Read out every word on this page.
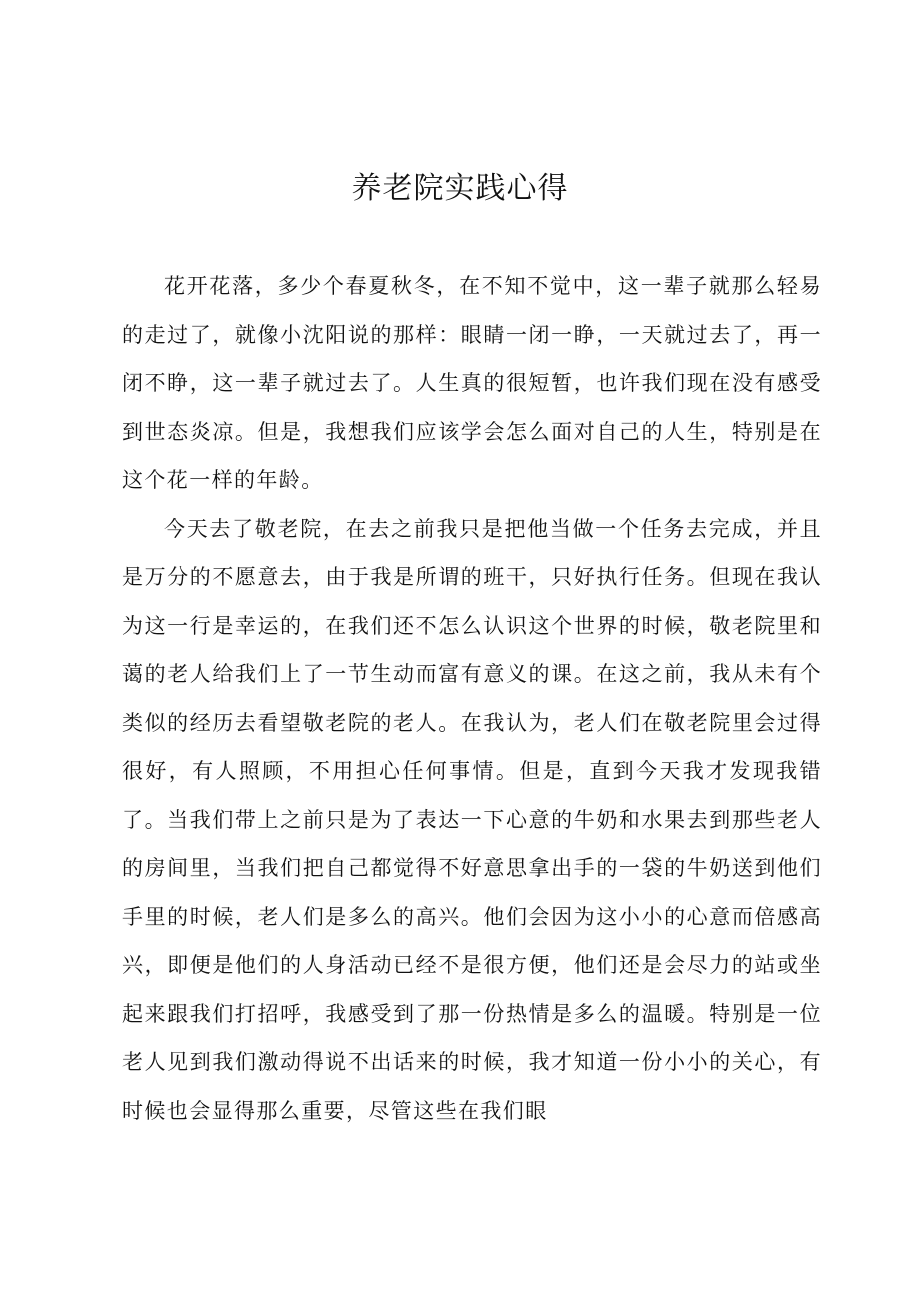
养老院实践心得

花开花落，多少个春夏秋冬，在不知不觉中，这一辈子就那么轻易的走过了，就像小沈阳说的那样：眼睛一闭一睁，一天就过去了，再一闭不睁，这一辈子就过去了。人生真的很短暂，也许我们现在没有感受到世态炎凉。但是，我想我们应该学会怎么面对自己的人生，特别是在这个花一样的年龄。

今天去了敬老院，在去之前我只是把他当做一个任务去完成，并且是万分的不愿意去，由于我是所谓的班干，只好执行任务。但现在我认为这一行是幸运的，在我们还不怎么认识这个世界的时候，敬老院里和蔼的老人给我们上了一节生动而富有意义的课。在这之前，我从未有个类似的经历去看望敬老院的老人。在我认为，老人们在敬老院里会过得很好，有人照顾，不用担心任何事情。但是，直到今天我才发现我错了。当我们带上之前只是为了表达一下心意的牛奶和水果去到那些老人的房间里，当我们把自己都觉得不好意思拿出手的一袋的牛奶送到他们手里的时候，老人们是多么的高兴。他们会因为这小小的心意而倍感高兴，即便是他们的人身活动已经不是很方便，他们还是会尽力的站或坐起来跟我们打招呼，我感受到了那一份热情是多么的温暖。特别是一位老人见到我们激动得说不出话来的时候，我才知道一份小小的关心，有时候也会显得那么重要，尽管这些在我们眼
